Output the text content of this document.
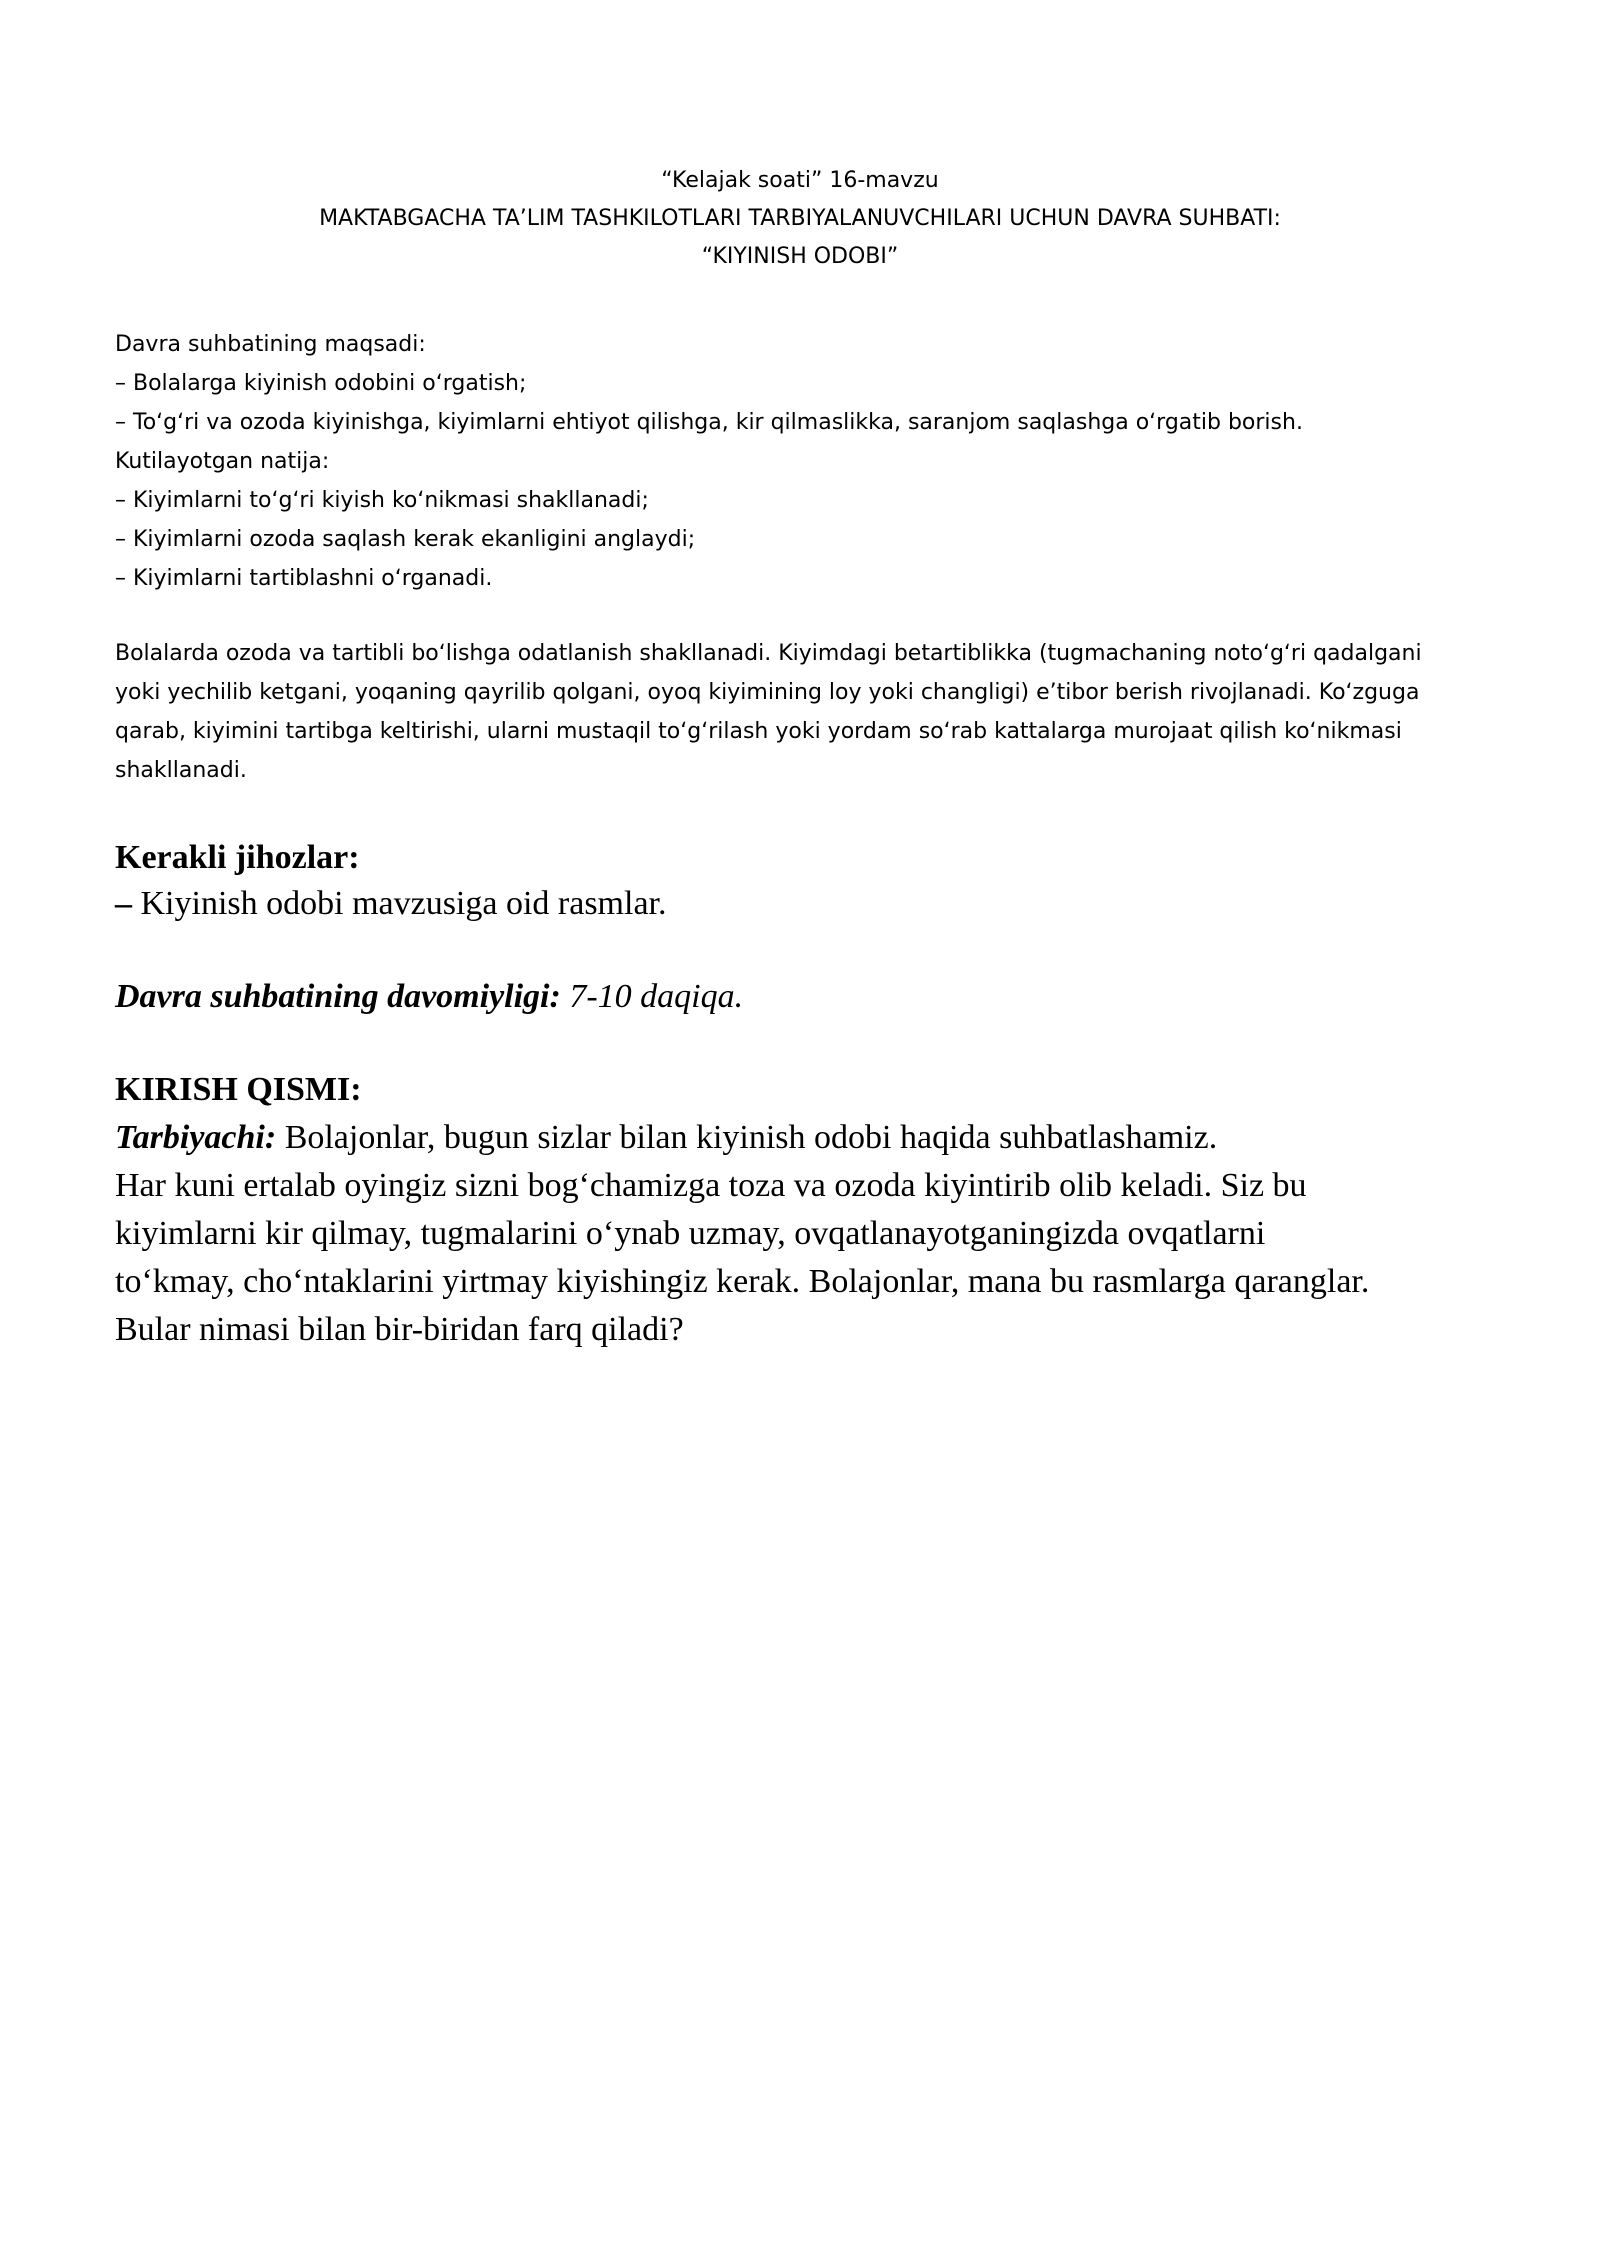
“Kelajak soati” 16-mavzu
MAKTABGACHA TA’LIM TASHKILOTLARI TARBIYALANUVCHILARI UCHUN DAVRA SUHBATI:
“KIYINISH ODOBI”
Davra suhbatining maqsadi:
– Bolalarga kiyinish odobini oʻrgatish;
– Toʻgʻri va ozoda kiyinishga, kiyimlarni ehtiyot qilishga, kir qilmaslikka, saranjom saqlashga oʻrgatib borish.
Kutilayotgan natija:
– Kiyimlarni toʻgʻri kiyish koʻnikmasi shakllanadi;
– Kiyimlarni ozoda saqlash kerak ekanligini anglaydi;
– Kiyimlarni tartiblashni oʻrganadi.
Bolalarda ozoda va tartibli boʻlishga odatlanish shakllanadi. Kiyimdagi betartiblikka (tugmachaning notoʻgʻri qadalgani
yoki yechilib ketgani, yoqaning qayrilib qolgani, oyoq kiyimining loy yoki changligi) e’tibor berish rivojlanadi. Koʻzguga
qarab, kiyimini tartibga keltirishi, ularni mustaqil toʻgʻrilash yoki yordam soʻrab kattalarga murojaat qilish koʻnikmasi
shakllanadi.
Kerakli jihozlar:
– Kiyinish odobi mavzusiga oid rasmlar.
Davra suhbatining davomiyligi: 7-10 daqiqa.
KIRISH QISMI:
Tarbiyachi: Bolajonlar, bugun sizlar bilan kiyinish odobi haqida suhbatlashamiz.
Har kuni ertalab oyingiz sizni bogʻchamizga toza va ozoda kiyintirib olib keladi. Siz bu
kiyimlarni kir qilmay, tugmalarini oʻynab uzmay, ovqatlanayotganingizda ovqatlarni
toʻkmay, choʻntaklarini yirtmay kiyishingiz kerak. Bolajonlar, mana bu rasmlarga qaranglar.
Bular nimasi bilan bir-biridan farq qiladi?
